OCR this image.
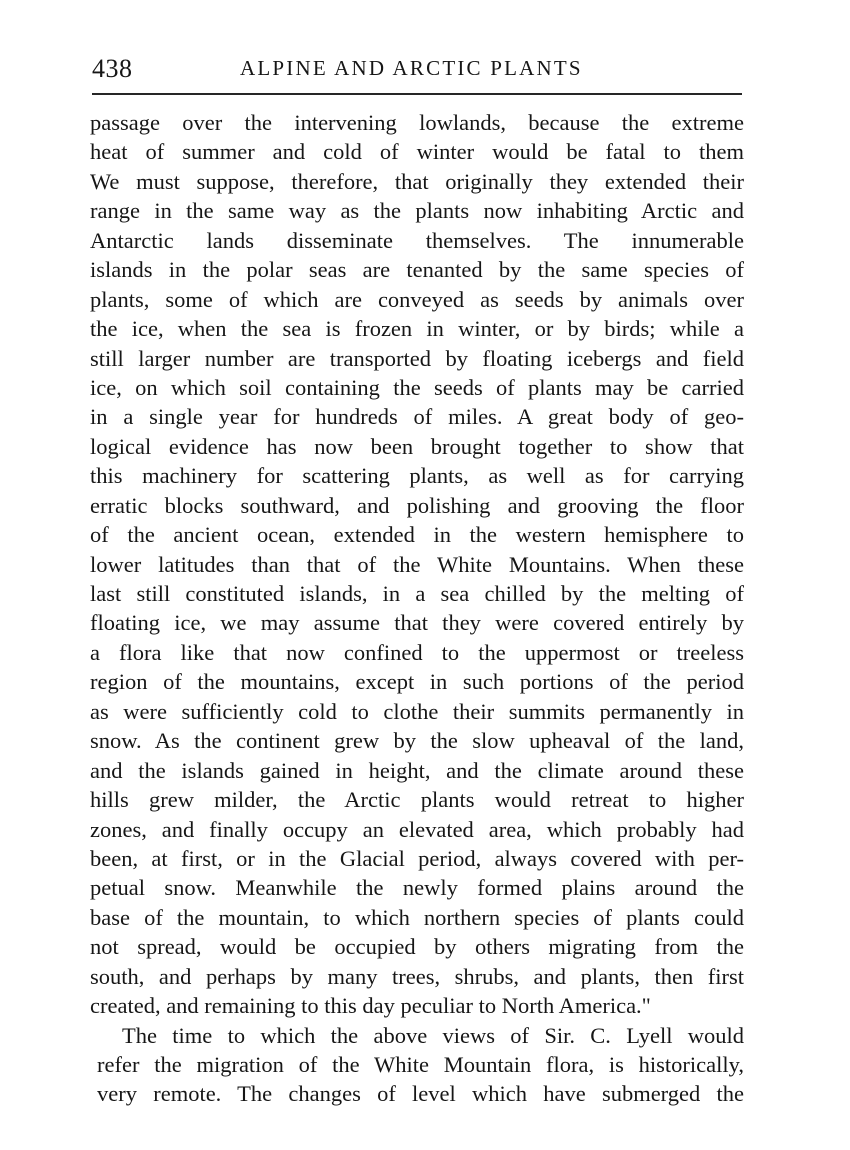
438	ALPINE AND ARCTIC PLANTS
passage over the intervening lowlands, because the extreme
heat of summer and cold of winter would be fatal to them
We must suppose, therefore, that originally they extended their
range in the same way as the plants now inhabiting Arctic and
Antarctic lands disseminate themselves. The innumerable
islands in the polar seas are tenanted by the same species of
plants, some of which are conveyed as seeds by animals over
the ice, when the sea is frozen in winter, or by birds; while a
still larger number are transported by floating icebergs and field
ice, on which soil containing the seeds of plants may be carried
in a single year for hundreds of miles. A great body of geo-
logical evidence has now been brought together to show that
this machinery for scattering plants, as well as for carrying
erratic blocks southward, and polishing and grooving the floor
of the ancient ocean, extended in the western hemisphere to
lower latitudes than that of the White Mountains. When these
last still constituted islands, in a sea chilled by the melting of
floating ice, we may assume that they were covered entirely by
a flora like that now confined to the uppermost or treeless
region of the mountains, except in such portions of the period
as were sufficiently cold to clothe their summits permanently in
snow. As the continent grew by the slow upheaval of the land,
and the islands gained in height, and the climate around these
hills grew milder, the Arctic plants would retreat to higher
zones, and finally occupy an elevated area, which probably had
been, at first, or in the Glacial period, always covered with per-
petual snow. Meanwhile the newly formed plains around the
base of the mountain, to which northern species of plants could
not spread, would be occupied by others migrating from the
south, and perhaps by many trees, shrubs, and plants, then first
created, and remaining to this day peculiar to North America."
The time to which the above views of Sir. C. Lyell would
refer the migration of the White Mountain flora, is historically,
very remote. The changes of level which have submerged the
